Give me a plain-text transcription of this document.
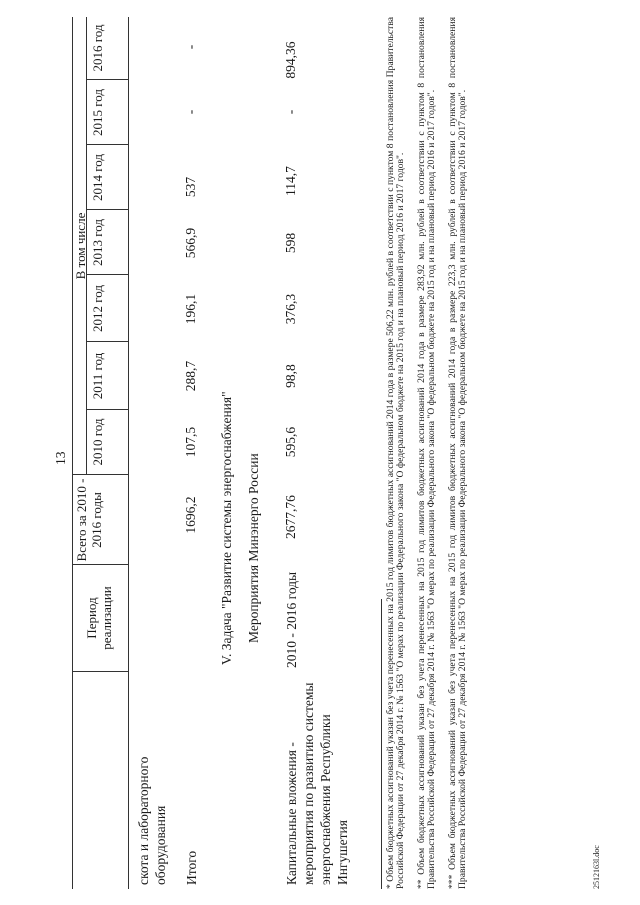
13
Период реализации
Всего за 2010 - 2016 годы
В том числе
2010 год
2011 год
2012 год
2013 год
2014 год
2015 год
2016 год
скота и лабораторного оборудования Итого
1696,2
107,5
288,7
196,1
566,9
537
-
-
V. Задача "Развитие системы энергоснабжения" Мероприятия Минэнерго России
Капитальные вложения - мероприятия по развитию системы энергоснабжения Республики Ингушетия
2010 - 2016 годы
2677,76
595,6
98,8
376,3
598
114,7
-
894,36	* Объем бюджетных ассигнований указан без учета перенесенных на 2015 год лимитов бюджетных ассигнований 2014 года в размере 506,22 млн. рублей в соответствии с пунктом 8 постановления Правительства Российской Федерации от 27 декабря 2014 г. № 1563 "О мерах по реализации Федерального закона "О федеральном бюджете на 2015 год и на плановый период 2016 и 2017 годов". ** Объем бюджетных ассигнований указан без учета перенесенных на 2015 год лимитов бюджетных ассигнований 2014 года в размере 283,92 млн. рублей в соответствии с пунктом 8 постановления Правительства Российской Федерации от 27 декабря 2014 г. № 1563 "О мерах по реализации Федерального закона "О федеральном бюджете на 2015 год и на плановый период 2016 и 2017 годов". *** Объем бюджетных ассигнований указан без учета перенесенных на 2015 год лимитов бюджетных ассигнований 2014 года в размере 223,3 млн. рублей в соответствии с пунктом 8 постановления Правительства Российской Федерации от 27 декабря 2014 г. № 1563 "О мерах по реализации Федерального закона "О федеральном бюджете на 2015 год и на плановый период 2016 и 2017 годов".	2512163l.doc
